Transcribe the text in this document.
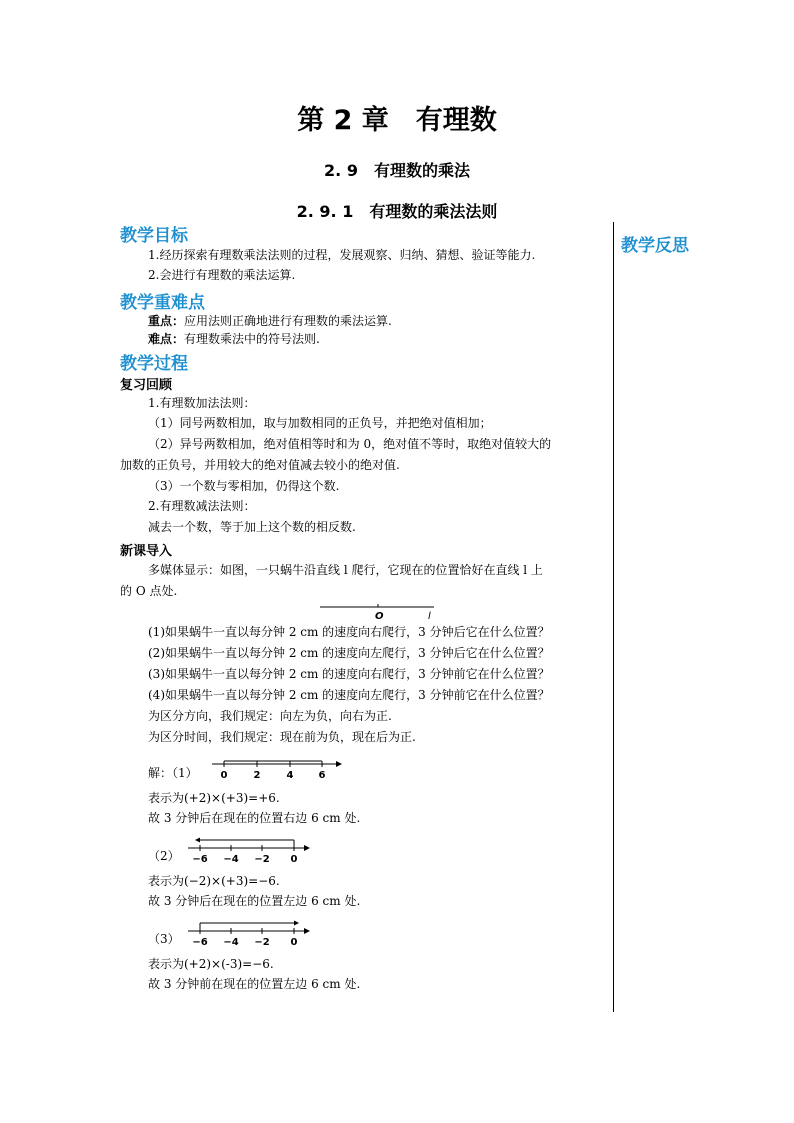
第 2 章　有理数
2. 9　有理数的乘法
2. 9. 1　有理数的乘法法则
教学反思
教学目标
1.经历探索有理数乘法法则的过程，发展观察、归纳、猜想、验证等能力.
2.会进行有理数的乘法运算.
教学重难点
重点：应用法则正确地进行有理数的乘法运算.
难点：有理数乘法中的符号法则.
教学过程
复习回顾
1.有理数加法法则：
（1）同号两数相加，取与加数相同的正负号，并把绝对值相加；
（2）异号两数相加，绝对值相等时和为 0，绝对值不等时，取绝对值较大的
加数的正负号，并用较大的绝对值减去较小的绝对值.
（3）一个数与零相加，仍得这个数.
2.有理数减法法则：
减去一个数，等于加上这个数的相反数.
新课导入
多媒体显示：如图，一只蜗牛沿直线 l 爬行，它现在的位置恰好在直线 l 上
的 O 点处.
O	l
(1)如果蜗牛一直以每分钟 2 cm 的速度向右爬行，3 分钟后它在什么位置？
(2)如果蜗牛一直以每分钟 2 cm 的速度向左爬行，3 分钟后它在什么位置？
(3)如果蜗牛一直以每分钟 2 cm 的速度向右爬行，3 分钟前它在什么位置？
(4)如果蜗牛一直以每分钟 2 cm 的速度向左爬行，3 分钟前它在什么位置？
为区分方向，我们规定：向左为负，向右为正.
为区分时间，我们规定：现在前为负，现在后为正.
解：（1） 0	2	4	6
表示为(+2)×(+3)=+6.
故 3 分钟后在现在的位置右边 6 cm 处.
（2） −6 −4 −2 0
表示为(−2)×(+3)=−6.
故 3 分钟后在现在的位置左边 6 cm 处.
（3） −6 −4 −2 0
表示为(+2)×(-3)=−6.
故 3 分钟前在现在的位置左边 6 cm 处.
